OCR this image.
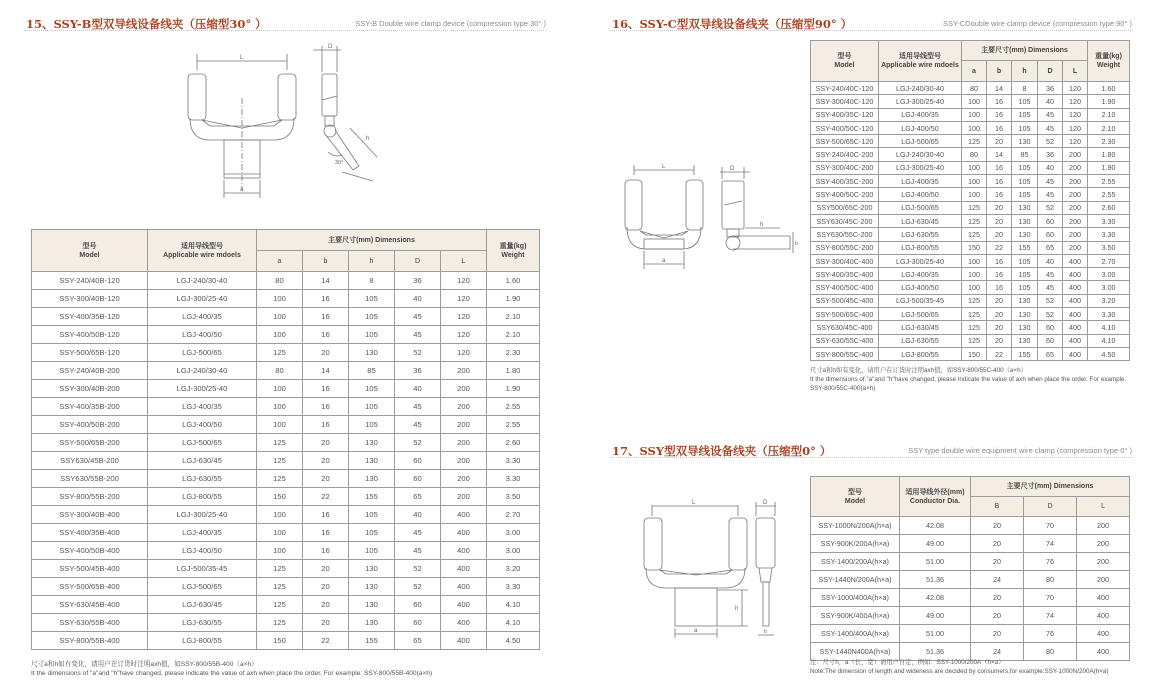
15、SSY-B型双导线设备线夹（压缩型30° ）	SSY-B Double wire clamp device (compression type 30° )
L
D
a
h
30°
型号
Model	适用导线型号
Applicable wire mdoels	主要尺寸(mm) Dimensions					重量(kg)
Weight

		a	b	h	D	L	
SSY-240/40B-120	LGJ-240/30-40	80	14	8	36	120	1.60
SSY-300/40B-120	LGJ-300/25-40	100	16	105	40	120	1.90
SSY-400/35B-120	LGJ-400/35	100	16	105	45	120	2.10
SSY-400/50B-120	LGJ-400/50	100	16	105	45	120	2.10
SSY-500/65B-120	LGJ-500/65	125	20	130	52	120	2.30
SSY-240/40B-200	LGJ-240/30-40	80	14	85	36	200	1.80
SSY-300/40B-200	LGJ-300/25-40	100	16	105	40	200	1.90
SSY-400/35B-200	LGJ-400/35	100	16	105	45	200	2.55
SSY-400/50B-200	LGJ-400/50	100	16	105	45	200	2.55
SSY-500/65B-200	LGJ-500/65	125	20	130	52	200	2.60
SSY630/45B-200	LGJ-630/45	125	20	130	60	200	3.30
SSY630/55B-200	LGJ-630/55	125	20	130	60	200	3.30
SSY-800/55B-200	LGJ-800/55	150	22	155	65	200	3.50
SSY-300/40B-400	LGJ-300/25-40	100	16	105	40	400	2.70
SSY-400/35B-400	LGJ-400/35	100	16	105	45	400	3.00
SSY-400/50B-400	LGJ-400/50	100	16	105	45	400	3.00
SSY-500/45B-400	LGJ-500/35-45	125	20	130	52	400	3.20
SSY-500/65B-400	LGJ-500/65	125	20	130	52	400	3.30
SSY-630/45B-400	LGJ-630/45	125	20	130	60	400	4.10
SSY-630/55B-400	LGJ-630/55	125	20	130	60	400	4.10
SSY-800/55B-400	LGJ-800/55	150	22	155	65	400	4.50
尺寸a和h如有变化，请用户在订货时注明axh值，如SSY-800/55B-400（a×h）
It the dimensions of "a"and "h"have changed, please indicate the value of axh when place the order. For example: SSY-800/55B-400(a×h)
16、SSY-C型双导线设备线夹（压缩型90° ）	SSY-CDouble wire clamp device (compression type 90° )
L	D
a
h
b
型号
Model	适用导线型号
Applicable wire mdoels	主要尺寸(mm) Dimensions					重量(kg)
Weight

		a	b	h	D	L	
SSY-240/40C-120	LGJ-240/30-40	80	14	8	36	120	1.60
SSY-300/40C-120	LGJ-300/25-40	100	16	105	40	120	1.90
SSY-400/35C-120	LGJ-400/35	100	16	105	45	120	2.10
SSY-400/50C-120	LGJ-400/50	100	16	105	45	120	2.10
SSY-500/65C-120	LGJ-500/65	125	20	130	52	120	2.30
SSY-240/40C-200	LGJ-240/30-40	80	14	85	36	200	1.80
SSY-300/40C-200	LGJ-300/25-40	100	16	105	40	200	1.90
SSY-400/35C-200	LGJ-400/35	100	16	105	45	200	2.55
SSY-400/50C-200	LGJ-400/50	100	16	105	45	200	2.55
SSY500/65C-200	LGJ-500/65	125	20	130	52	200	2.60
SSY630/45C-200	LGJ-630/45	125	20	130	60	200	3.30
SSY630/55C-200	LGJ-630/55	125	20	130	60	200	3.30
SSY-800/55C-200	LGJ-800/55	150	22	155	65	200	3.50
SSY-300/40C-400	LGJ-300/25-40	100	16	105	40	400	2.70
SSY-400/35C-400	LGJ-400/35	100	16	105	45	400	3.00
SSY-400/50C-400	LGJ-400/50	100	16	105	45	400	3.00
SSY-500/45C-400	LGJ-500/35-45	125	20	130	52	400	3.20
SSY-500/65C-400	LGJ-500/65	125	20	130	52	400	3.30
SSY630/45C-400	LGJ-630/45	125	20	130	60	400	4.10
SSY-630/55C-400	LGJ-630/55	125	20	130	60	400	4.10
SSY-800/55C-400	LGJ-800/55	150	22	155	65	400	4.50
尺寸a和h如有变化，请用户在订货时注明axh值，如SSY-800/55C-400（a×h）
It the dimensions of "a"and "h"have changed, please indicate the value of axh when place the order. For example: SSY-800/55C-400(a×h)
17、SSY型双导线设备线夹（压缩型0° ）	SSY type double wire equipment wire clamp (compression type 0° )
L	D
a
h
b
型号
Model	适用导线外径(mm)
Conductor Dia.	主要尺寸(mm) Dimensions		
		B	D	L
SSY-1000N/200A(h×a)	42.08	20	70	200
SSY-900K/200A(h×a)	49.00	20	74	200
SSY-1400/200A(h×a)	51.00	20	76	200
SSY-1440N/200A(h×a)	51.36	24	80	200
SSY-1000/400A(h×a)	42.08	20	70	400
SSY-900K/400A(h×a)	49.00	20	74	400
SSY-1400/400A(h×a)	51.00	20	76	400
SSY-1440N400A(h×a)	51.36	24	80	400
注：尺寸h，a（长、宽）请用户自定，例如：SSY-1000/200A（h×a）
Note:The dimension of length and wideness are decided by consumers,for example:SSY-1000N/200A(h×a)
